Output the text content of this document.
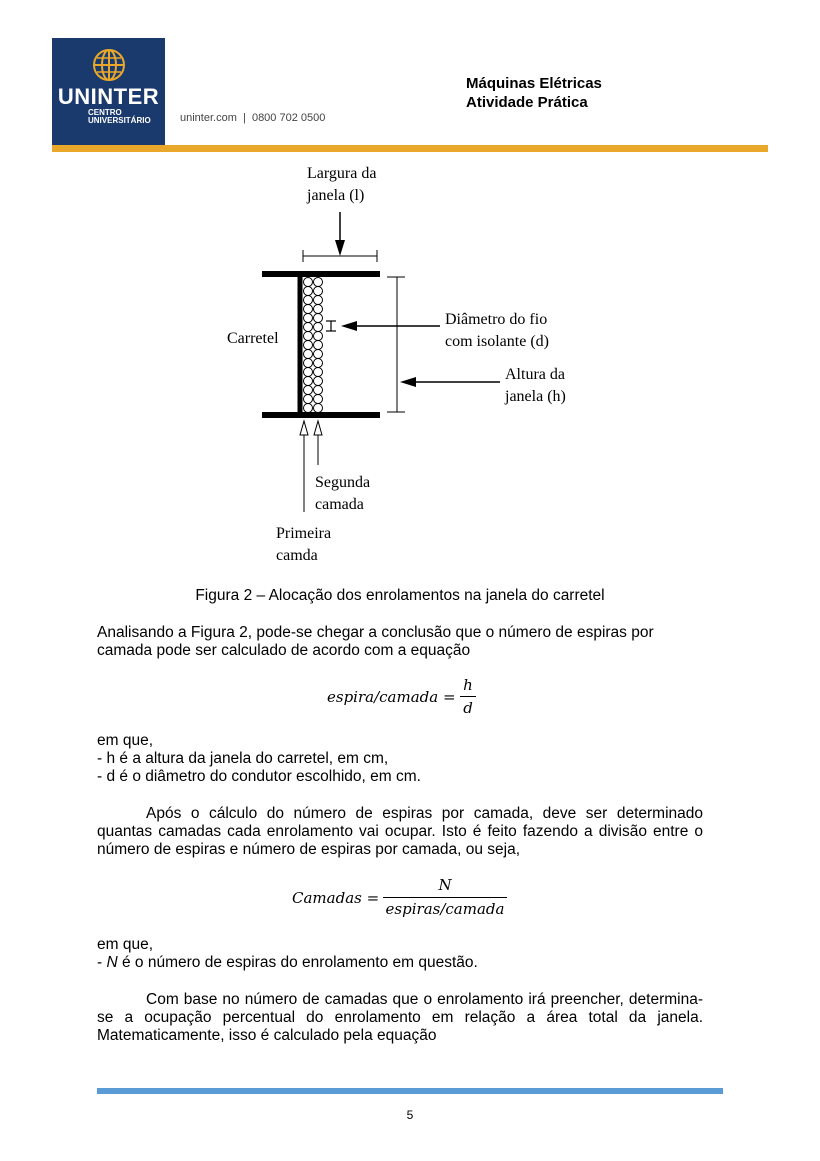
UNINTER
CENTRO
UNIVERSITÁRIO	uninter.com  |  0800 702 0500
Máquinas Elétricas
Atividade Prática
Largura da
janela (l)
Carretel
Diâmetro do fio
com isolante (d)
Altura da
janela (h)
Segunda
camada
Primeira
camda
Figura 2 – Alocação dos enrolamentos na janela do carretel
Analisando a Figura 2, pode-se chegar a conclusão que o número de espiras por camada pode ser calculado de acordo com a equação
espira/camada =
h
d
em que,
- h é a altura da janela do carretel, em cm,
- d é o diâmetro do condutor escolhido, em cm.
Após o cálculo do número de espiras por camada, deve ser determinado quantas camadas cada enrolamento vai ocupar. Isto é feito fazendo a divisão entre o número de espiras e número de espiras por camada, ou seja,
Camadas =
N
espiras/camada
em que,
- N é o número de espiras do enrolamento em questão.
Com base no número de camadas que o enrolamento irá preencher, determina-se a ocupação percentual do enrolamento em relação a área total da janela. Matematicamente, isso é calculado pela equação
5
